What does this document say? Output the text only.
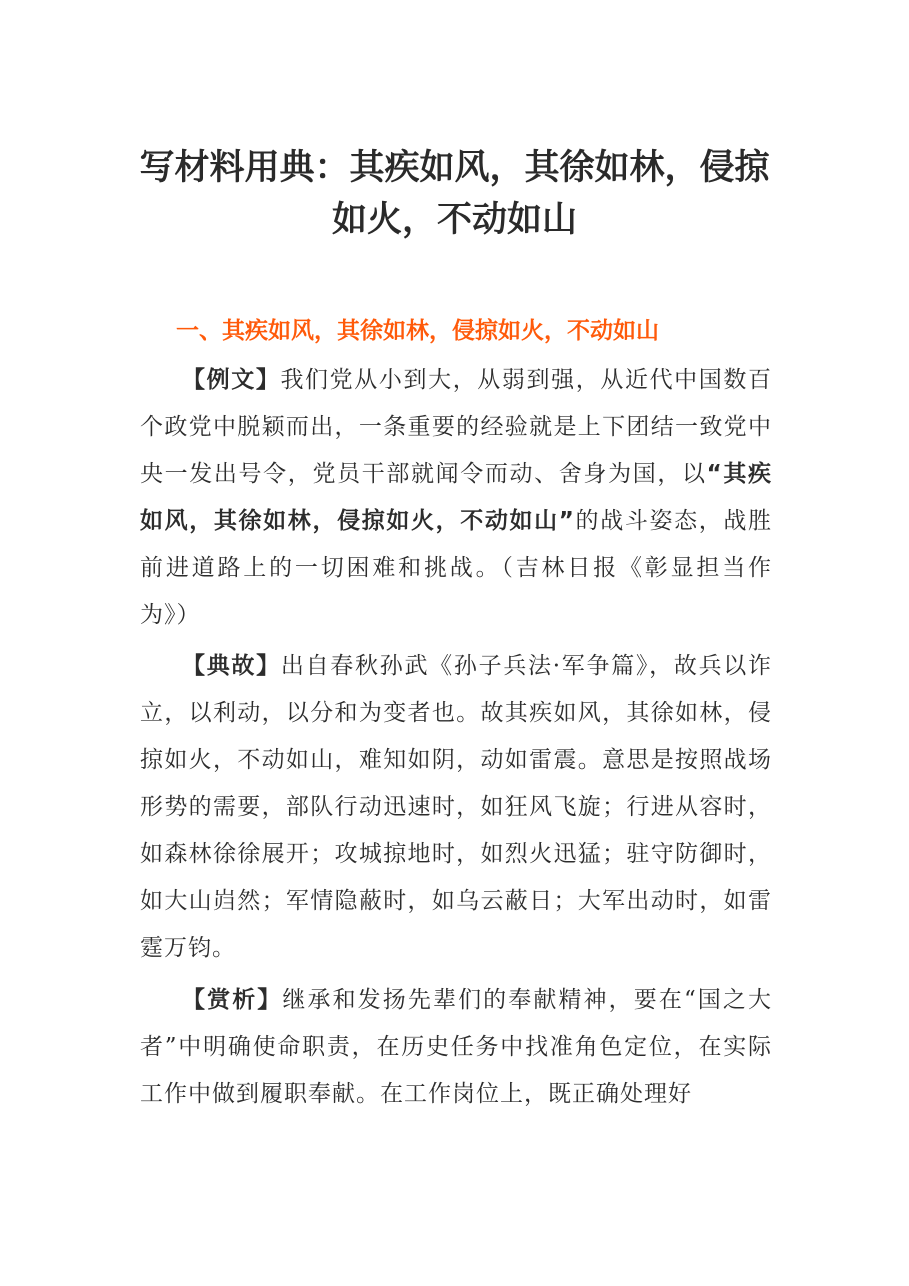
写材料用典：其疾如风，其徐如林，侵掠
如火，不动如山
一、其疾如风，其徐如林，侵掠如火，不动如山

【例文】我们党从小到大，从弱到强，从近代中国数百个政党中脱颖而出，一条重要的经验就是上下团结一致党中央一发出号令，党员干部就闻令而动、舍身为国，以“其疾如风，其徐如林，侵掠如火，不动如山”的战斗姿态，战胜前进道路上的一切困难和挑战。（吉林日报《彰显担当作为》）

【典故】出自春秋孙武《孙子兵法·军争篇》，故兵以诈立，以利动，以分和为变者也。故其疾如风，其徐如林，侵掠如火，不动如山，难知如阴，动如雷震。意思是按照战场形势的需要，部队行动迅速时，如狂风飞旋；行进从容时，如森林徐徐展开；攻城掠地时，如烈火迅猛；驻守防御时，如大山岿然；军情隐蔽时，如乌云蔽日；大军出动时，如雷霆万钧。

【赏析】继承和发扬先辈们的奉献精神，要在“国之大者”中明确使命职责，在历史任务中找准角色定位，在实际工作中做到履职奉献。在工作岗位上，既正确处理好
